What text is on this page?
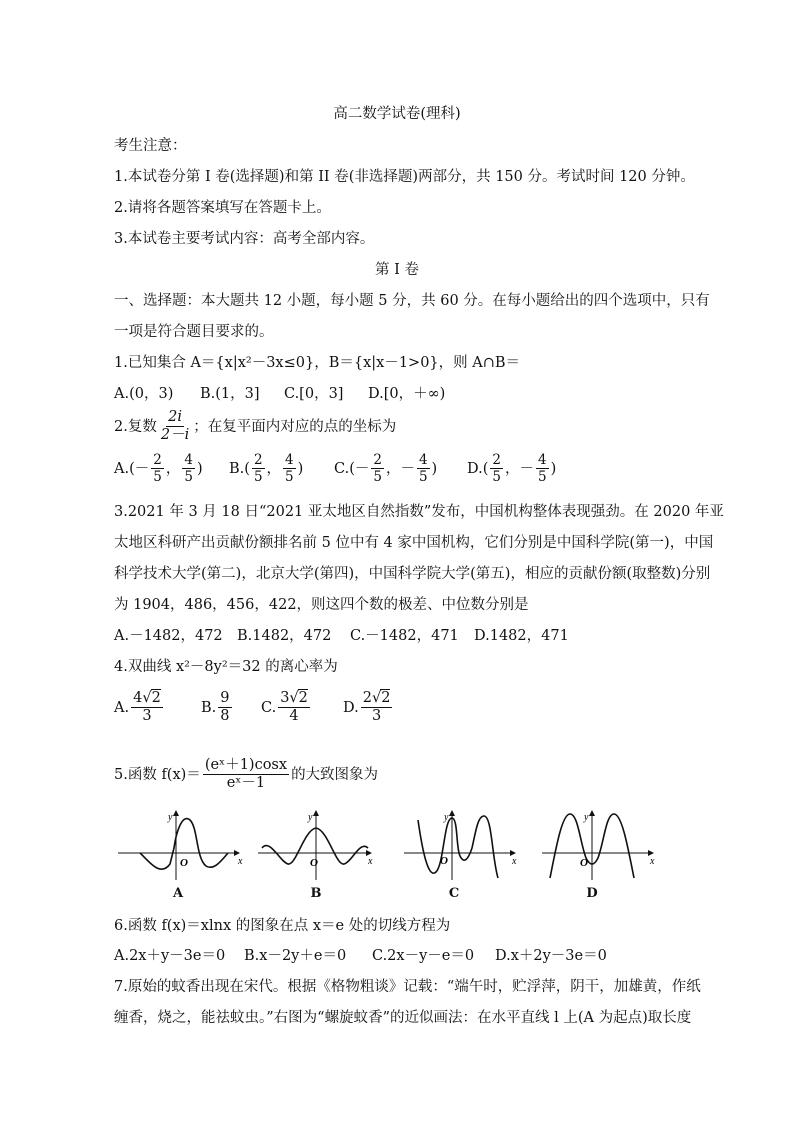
高二数学试卷(理科)
考生注意：
1.本试卷分第 I 卷(选择题)和第 II 卷(非选择题)两部分，共 150 分。考试时间 120 分钟。
2.请将各题答案填写在答题卡上。
3.本试卷主要考试内容：高考全部内容。
第 I 卷
一、选择题：本大题共 12 小题，每小题 5 分，共 60 分。在每小题给出的四个选项中，只有
一项是符合题目要求的。
1.已知集合 A＝{x|x²－3x≤0}，B＝{x|x－1>0}，则 A∩B＝
A.(0，3)	B.(1，3]	C.[0，3]	D.[0，＋∞)
2.复数 $\frac{2i}{2-i}$ ；在复平面内对应的点的坐标为
A. (－ $\frac{2}{5}$ ， $\frac{4}{5}$ ) B. ( $\frac{2}{5}$ ， $\frac{4}{5}$ ) C. (－ $\frac{2}{5}$ ，－ $\frac{4}{5}$ ) D. ( $\frac{2}{5}$ ，－ $\frac{4}{5}$ )
3.2021 年 3 月 18 日“2021 亚太地区自然指数”发布，中国机构整体表现强劲。在 2020 年亚
太地区科研产出贡献份额排名前 5 位中有 4 家中国机构，它们分别是中国科学院(第一)，中国
科学技术大学(第二)，北京大学(第四)，中国科学院大学(第五)，相应的贡献份额(取整数)分别
为 1904，486，456，422，则这四个数的极差、中位数分别是
A.－1482，472 B.1482，472	C.－1482，471	D.1482，471
4.双曲线 x²－8y²＝32 的离心率为
A. $\frac{4√2}{3}$	B. $\frac{9}{8} C$. $\frac{3√2}{4} D$. $\frac{2√2}{3}$
5.函数 $f(x)= \frac{\text{(eˣ＋1)cosx}}{\text{eˣ－1}}$ 的大致图象为
O	x
y
A
O	x
y
B
O	x
y
C
O	x
y
D
6.函数 f(x)＝xlnx 的图象在点 x＝e 处的切线方程为
A.2x＋y－3e＝0	B.x－2y＋e＝0	C.2x－y－e＝0	D.x＋2y－3e＝0
7.原始的蚊香出现在宋代。根据《格物粗谈》记载：“端午时，贮浮萍，阴干，加雄黄，作纸
缠香，烧之，能祛蚊虫。”右图为“螺旋蚊香”的近似画法：在水平直线 l 上(A 为起点)取长度
